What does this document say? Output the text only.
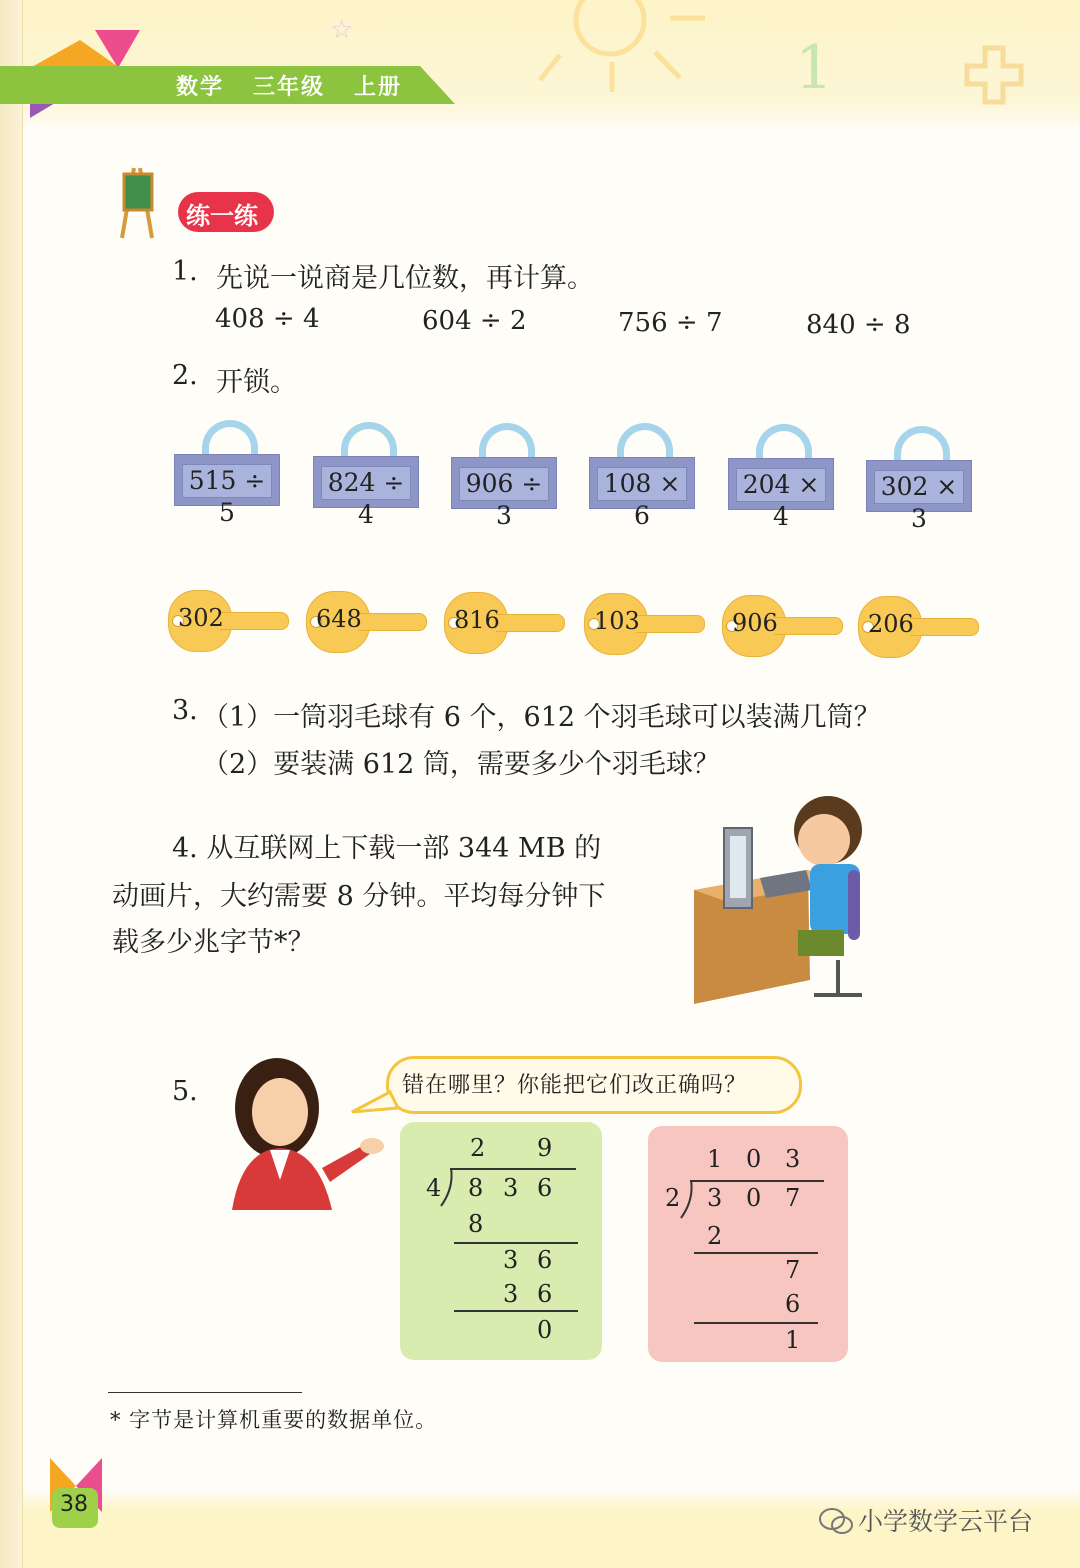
☆
1
数学   三年级   上册
练一练
1. 先说一说商是几位数，再计算。
408 ÷ 4	604 ÷ 2	756 ÷ 7	840 ÷ 8
2. 开锁。
515 ÷ 5
824 ÷ 4
906 ÷ 3
108 × 6
204 × 4
302 × 3
302	648	816	103	906	206
3. （1）一筒羽毛球有 6 个，612 个羽毛球可以装满几筒？
（2）要装满 612 筒，需要多少个羽毛球？
4. 从互联网上下载一部 344 MB 的
动画片，大约需要 8 分钟。平均每分钟下
载多少兆字节*？
5.	错在哪里？你能把它们改正确吗？
2 9
4 8 3 6
8
3 6
3 6
0
1 0 3
2 3 0 7
2
7
6
1
* 字节是计算机重要的数据单位。
38
小学数学云平台
